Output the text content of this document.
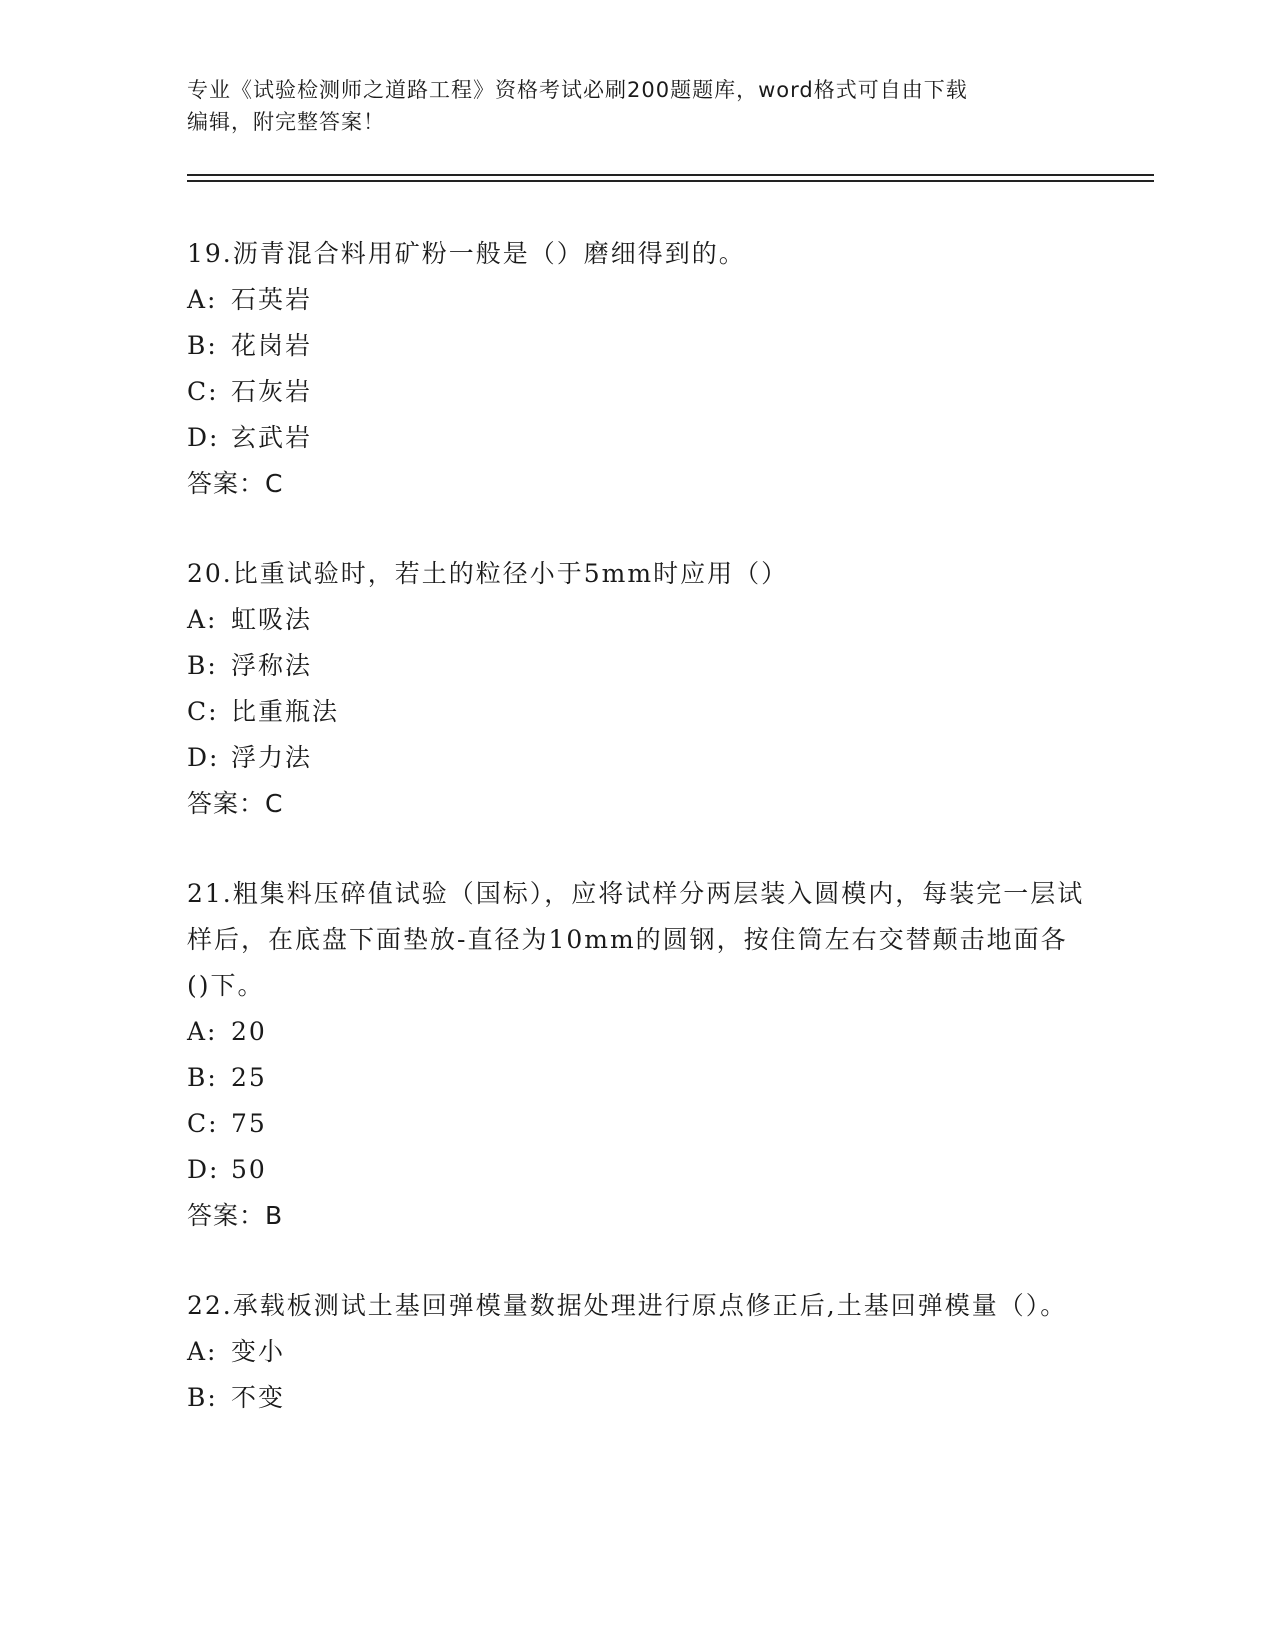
专业《试验检测师之道路工程》资格考试必刷200题题库，word格式可自由下载
编辑，附完整答案！
19.沥青混合料用矿粉一般是（）磨细得到的。
A: 石英岩
B: 花岗岩
C: 石灰岩
D: 玄武岩
答案：C
20.比重试验时，若土的粒径小于5mm时应用（）
A: 虹吸法
B: 浮称法
C: 比重瓶法
D: 浮力法
答案：C
21.粗集料压碎值试验（国标），应将试样分两层装入圆模内，每装完一层试样后，在底盘下面垫放-直径为10mm的圆钢，按住筒左右交替颠击地面各()下。
A: 20
B: 25
C: 75
D: 50
答案：B
22.承载板测试土基回弹模量数据处理进行原点修正后,土基回弹模量（）。
A: 变小
B: 不变
